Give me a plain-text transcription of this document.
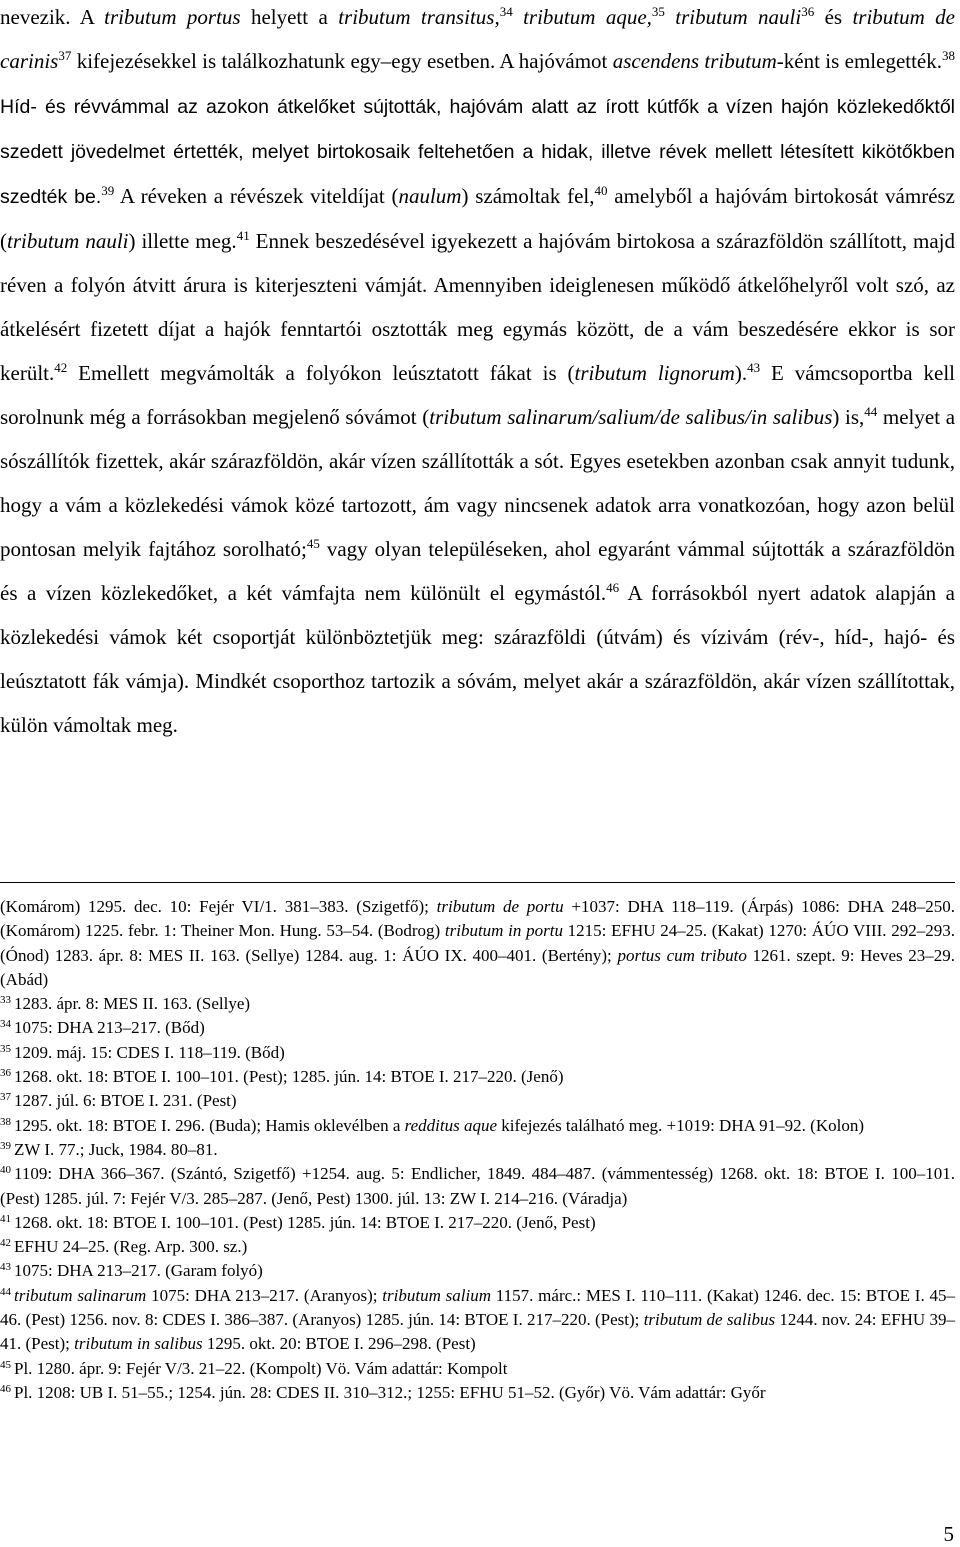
nevezik. A tributum portus helyett a tributum transitus,$^{34}$ tributum aque,$^{35}$ tributum nauli$^{36}$ és tributum de carinis$^{37}$ kifejezésekkel is találkozhatunk egy–egy esetben. A hajóvámot ascendens tributum-ként is emlegették.$^{38}$ Híd- és révvámmal az azokon átkelőket sújtották, hajóvám alatt az írott kútfők a vízen hajón közlekedőktől szedett jövedelmet értették, melyet birtokosaik feltehetően a hidak, illetve révek mellett létesített kikötőkben szedték be.$^{39}$ A réveken a révészek viteldíjat (naulum) számoltak fel,$^{40}$ amelyből a hajóvám birtokosát vámrész (tributum nauli) illette meg.$^{41}$ Ennek beszedésével igyekezett a hajóvám birtokosa a szárazföldön szállított, majd réven a folyón átvitt árura is kiterjeszteni vámját. Amennyiben ideiglenesen működő átkelőhelyről volt szó, az átkelésért fizetett díjat a hajók fenntartói osztották meg egymás között, de a vám beszedésére ekkor is sor került.$^{42}$ Emellett megvámolták a folyókon leúsztatott fákat is (tributum lignorum).$^{43}$ E vámcsoportba kell sorolnunk még a forrásokban megjelenő sóvámot (tributum salinarum/salium/de salibus/in salibus) is,$^{44}$ melyet a sószállítók fizettek, akár szárazföldön, akár vízen szállították a sót. Egyes esetekben azonban csak annyit tudunk, hogy a vám a közlekedési vámok közé tartozott, ám vagy nincsenek adatok arra vonatkozóan, hogy azon belül pontosan melyik fajtához sorolható;$^{45}$ vagy olyan településeken, ahol egyaránt vámmal sújtották a szárazföldön és a vízen közlekedőket, a két vámfajta nem különült el egymástól.$^{46}$ A forrásokból nyert adatok alapján a közlekedési vámok két csoportját különböztetjük meg: szárazföldi (útvám) és vízivám (rév-, híd-, hajó- és leúsztatott fák vámja). Mindkét csoporthoz tartozik a sóvám, melyet akár a szárazföldön, akár vízen szállítottak, külön vámoltak meg.

(Komárom) 1295. dec. 10: Fejér VI/1. 381–383. (Szigetfő); tributum de portu +1037: DHA 118–119. (Árpás) 1086: DHA 248–250. (Komárom) 1225. febr. 1: Theiner Mon. Hung. 53–54. (Bodrog) tributum in portu 1215: EFHU 24–25. (Kakat) 1270: ÁÚO VIII. 292–293. (Ónod) 1283. ápr. 8: MES II. 163. (Sellye) 1284. aug. 1: ÁÚO IX. 400–401. (Bertény); portus cum tributo 1261. szept. 9: Heves 23–29. (Abád)
$^{33}$ 1283. ápr. 8: MES II. 163. (Sellye)
$^{34}$ 1075: DHA 213–217. (Bőd)
$^{35}$ 1209. máj. 15: CDES I. 118–119. (Bőd)
$^{36}$ 1268. okt. 18: BTOE I. 100–101. (Pest); 1285. jún. 14: BTOE I. 217–220. (Jenő)
$^{37}$ 1287. júl. 6: BTOE I. 231. (Pest)
$^{38}$ 1295. okt. 18: BTOE I. 296. (Buda); Hamis oklevélben a redditus aque kifejezés található meg. +1019: DHA 91–92. (Kolon)
$^{39}$ ZW I. 77.; Juck, 1984. 80–81.
$^{40}$ 1109: DHA 366–367. (Szántó, Szigetfő) +1254. aug. 5: Endlicher, 1849. 484–487. (vámmentesség) 1268. okt. 18: BTOE I. 100–101. (Pest) 1285. júl. 7: Fejér V/3. 285–287. (Jenő, Pest) 1300. júl. 13: ZW I. 214–216. (Váradja)
$^{41}$ 1268. okt. 18: BTOE I. 100–101. (Pest) 1285. jún. 14: BTOE I. 217–220. (Jenő, Pest)
$^{42}$ EFHU 24–25. (Reg. Arp. 300. sz.)
$^{43}$ 1075: DHA 213–217. (Garam folyó)
$^{44}$ tributum salinarum 1075: DHA 213–217. (Aranyos); tributum salium 1157. márc.: MES I. 110–111. (Kakat) 1246. dec. 15: BTOE I. 45–46. (Pest) 1256. nov. 8: CDES I. 386–387. (Aranyos) 1285. jún. 14: BTOE I. 217–220. (Pest); tributum de salibus 1244. nov. 24: EFHU 39–41. (Pest); tributum in salibus 1295. okt. 20: BTOE I. 296–298. (Pest)
$^{45}$ Pl. 1280. ápr. 9: Fejér V/3. 21–22. (Kompolt) Vö. Vám adattár: Kompolt
$^{46}$ Pl. 1208: UB I. 51–55.; 1254. jún. 28: CDES II. 310–312.; 1255: EFHU 51–52. (Győr) Vö. Vám adattár: Győr
5
